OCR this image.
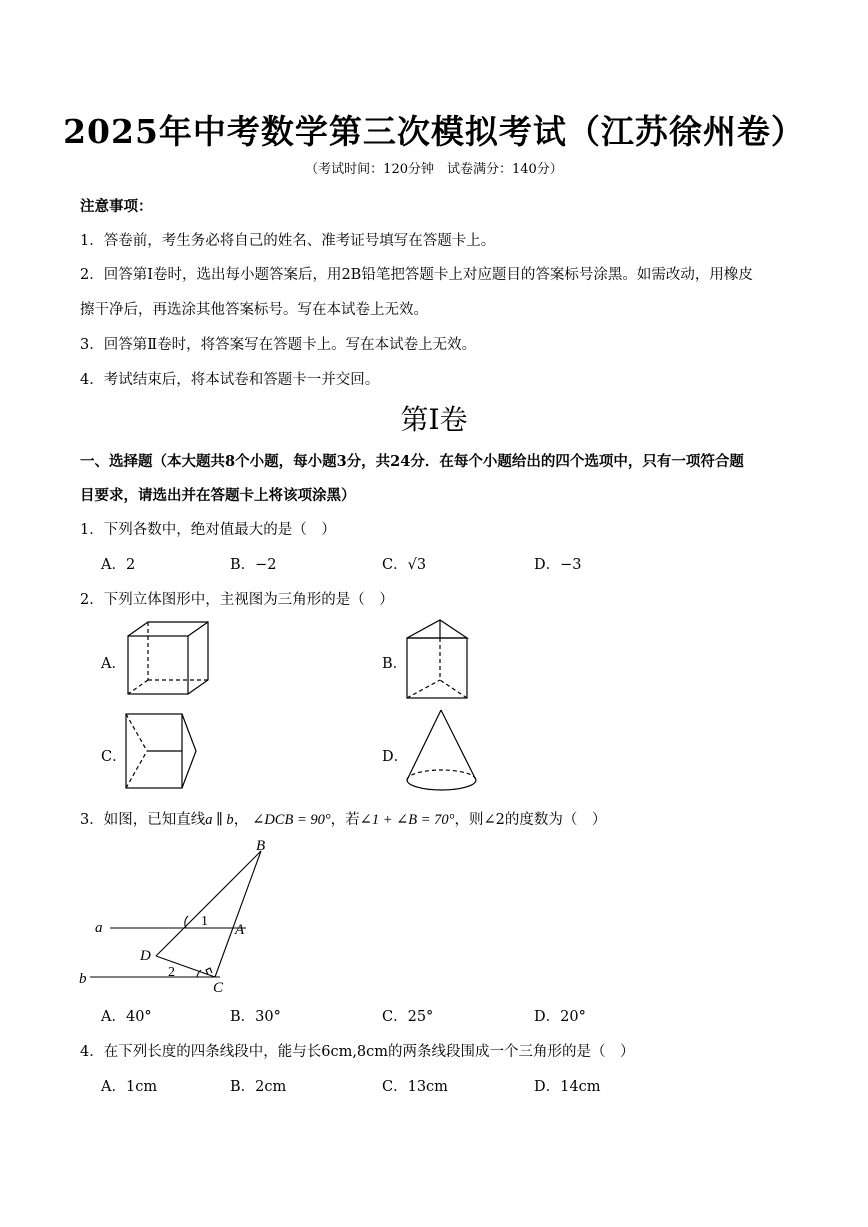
2025年中考数学第三次模拟考试（江苏徐州卷）
（考试时间：120分钟　试卷满分：140分）
注意事项：
1．答卷前，考生务必将自己的姓名、准考证号填写在答题卡上。
2．回答第Ⅰ卷时，选出每小题答案后，用2B铅笔把答题卡上对应题目的答案标号涂黑。如需改动，用橡皮
擦干净后，再选涂其他答案标号。写在本试卷上无效。
3．回答第Ⅱ卷时，将答案写在答题卡上。写在本试卷上无效。
4．考试结束后，将本试卷和答题卡一并交回。
第Ⅰ卷
一、选择题（本大题共8个小题，每小题3分，共24分．在每个小题给出的四个选项中，只有一项符合题
目要求，请选出并在答题卡上将该项涂黑）
1．下列各数中，绝对值最大的是（　）
A．2	B．−2	C．√3	D．−3
2．下列立体图形中，主视图为三角形的是（　）
A．	B．
C．	D．
3．如图，已知直线a ∥ b， ∠DCB = 90°，若∠1 + ∠B = 70°，则∠2的度数为（　）
B
a	A
D
b
C
1
2
A．40°	B．30°	C．25°	D．20°
4．在下列长度的四条线段中，能与长6cm,8cm的两条线段围成一个三角形的是（　）
A．1cm	B．2cm	C．13cm	D．14cm
